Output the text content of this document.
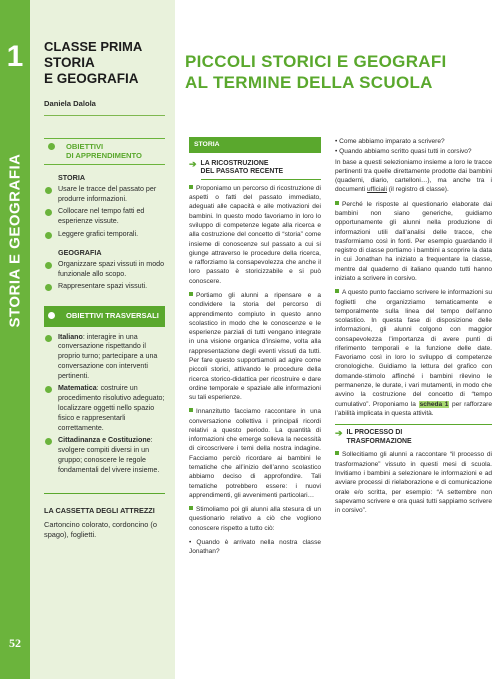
1
STORIA E GEOGRAFIA
52
CLASSE PRIMA
STORIA
E GEOGRAFIA
Daniela Dalola
OBIETTIVI
DI APPRENDIMENTO
STORIA
Usare le tracce del passato per produrre informazioni.
Collocare nel tempo fatti ed esperienze vissute.
Leggere grafici temporali.
GEOGRAFIA
Organizzare spazi vissuti in modo funzionale allo scopo.
Rappresentare spazi vissuti.
OBIETTIVI TRASVERSALI
Italiano: interagire in una conversazione rispettando il proprio turno; partecipare a una conversazione con interventi pertinenti.
Matematica: costruire un procedimento risolutivo adeguato; localizzare oggetti nello spazio fisico e rappresentarli correttamente.
Cittadinanza e Costituzione: svolgere compiti diversi in un gruppo; conoscere le regole fondamentali del vivere insieme.
LA CASSETTA DEGLI ATTREZZI
Cartoncino colorato, cordoncino (o spago), foglietti.
PICCOLI STORICI E GEOGRAFI
AL TERMINE DELLA SCUOLA
STORIA
➔ LA RICOSTRUZIONE
DEL PASSATO RECENTE

Proponiamo un percorso di ricostruzione di aspetti o fatti del passato immediato, adeguati alle capacità e alle motivazioni dei bambini. In questo modo favoriamo in loro lo sviluppo di competenze legate alla ricerca e alla costruzione del concetto di “storia” come insieme di conoscenze sul passato a cui si giunge attraverso le procedure della ricerca, e rafforziamo la consapevolezza che anche il loro passato è storicizzabile e si può conoscere.

Portiamo gli alunni a ripensare e a condividere la storia del percorso di apprendimento compiuto in questo anno scolastico in modo che le conoscenze e le esperienze parziali di tutti vengano integrate in una visione organica d’insieme, volta alla rappresentazione degli eventi vissuti da tutti. Per fare questo supportiamoli ad agire come piccoli storici, attivando le procedure della ricerca storico-didattica per ricostruire e dare ordine temporale e spaziale alle informazioni su tali esperienze.

Innanzitutto facciamo raccontare in una conversazione collettiva i principali ricordi relativi a questo periodo. La quantità di informazioni che emerge solleva la necessità di circoscrivere i temi della nostra indagine. Facciamo perciò ricordare ai bambini le tematiche che all’inizio dell’anno scolastico abbiamo deciso di approfondire. Tali tematiche potrebbero essere: i nuovi apprendimenti, gli avvenimenti particolari…

Stimoliamo poi gli alunni alla stesura di un questionario relativo a ciò che vogliono conoscere rispetto a tutto ciò:

• Quando è arrivato nella nostra classe Jonathan?

• Come abbiamo imparato a scrivere?

• Quando abbiamo scritto quasi tutti in corsivo?

In base a questi selezioniamo insieme a loro le tracce pertinenti tra quelle direttamente prodotte dai bambini (quaderni, diario, cartelloni…), ma anche tra i documenti ufficiali (il registro di classe).

Perché le risposte al questionario elaborate dai bambini non siano generiche, guidiamo opportunamente gli alunni nella produzione di informazioni utili dall’analisi delle tracce, che trasformiamo così in fonti. Per esempio guardando il registro di classe portiamo i bambini a scoprire la data in cui Jonathan ha iniziato a frequentare la classe, mentre dal quaderno di italiano quando tutti hanno iniziato a scrivere in corsivo.

A questo punto facciamo scrivere le informazioni su foglietti che organizziamo tematicamente e temporalmente sulla linea del tempo dell’anno scolastico. In questa fase di disposizione delle informazioni, gli alunni colgono con maggior consapevolezza l’importanza di avere punti di riferimento temporali e la funzione delle date. Favoriamo così in loro lo sviluppo di competenze cronologiche. Guidiamo la lettura del grafico con domande-stimolo affinché i bambini rilevino le permanenze, le durate, i vari mutamenti, in modo che avvino la costruzione del concetto di “tempo cumulativo”. Proponiamo la scheda 1 per rafforzare l’abilità implicata in questa attività.

➔ IL PROCESSO DI
TRASFORMAZIONE

Sollecitiamo gli alunni a raccontare “il processo di trasformazione” vissuto in questi mesi di scuola. Invitiamo i bambini a selezionare le informazioni e ad avviare processi di rielaborazione e di comunicazione orale e/o scritta, per esempio: “A settembre non sapevamo scrivere e ora quasi tutti sappiamo scrivere in corsivo”.
